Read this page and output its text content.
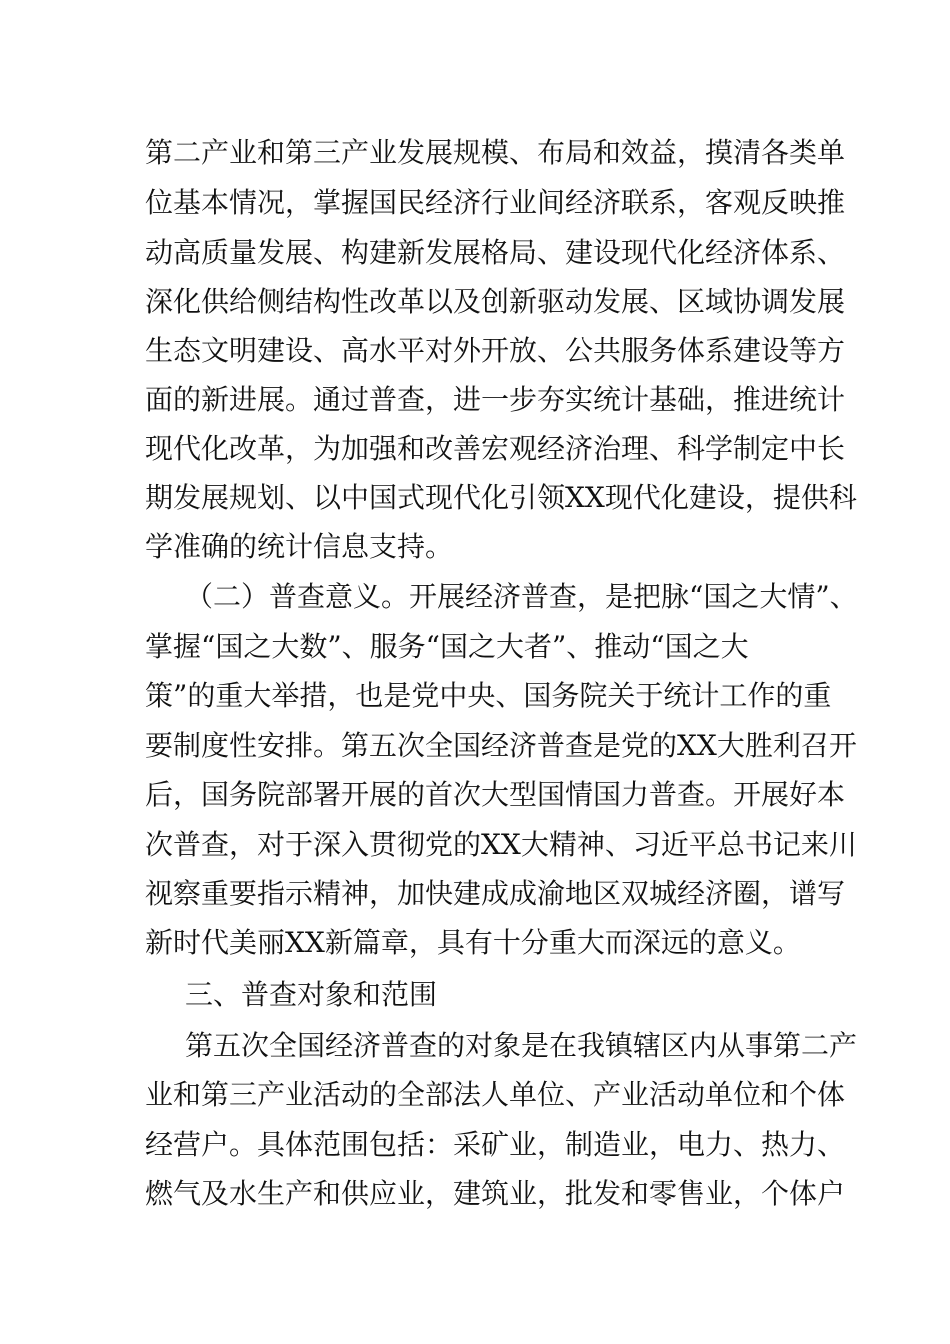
第二产业和第三产业发展规模、布局和效益，摸清各类单
位基本情况，掌握国民经济行业间经济联系，客观反映推
动高质量发展、构建新发展格局、建设现代化经济体系、
深化供给侧结构性改革以及创新驱动发展、区域协调发展
生态文明建设、高水平对外开放、公共服务体系建设等方
面的新进展。通过普查，进一步夯实统计基础，推进统计
现代化改革，为加强和改善宏观经济治理、科学制定中长
期发展规划、以中国式现代化引领XX现代化建设，提供科
学准确的统计信息支持。
（二）普查意义。开展经济普查，是把脉“国之大情”、
掌握“国之大数”、服务“国之大者”、推动“国之大
策”的重大举措，也是党中央、国务院关于统计工作的重
要制度性安排。第五次全国经济普查是党的XX大胜利召开
后，国务院部署开展的首次大型国情国力普查。开展好本
次普查，对于深入贯彻党的XX大精神、习近平总书记来川
视察重要指示精神，加快建成成渝地区双城经济圈，谱写
新时代美丽XX新篇章，具有十分重大而深远的意义。
三、普查对象和范围
第五次全国经济普查的对象是在我镇辖区内从事第二产
业和第三产业活动的全部法人单位、产业活动单位和个体
经营户。具体范围包括：采矿业，制造业，电力、热力、
燃气及水生产和供应业，建筑业，批发和零售业，个体户
